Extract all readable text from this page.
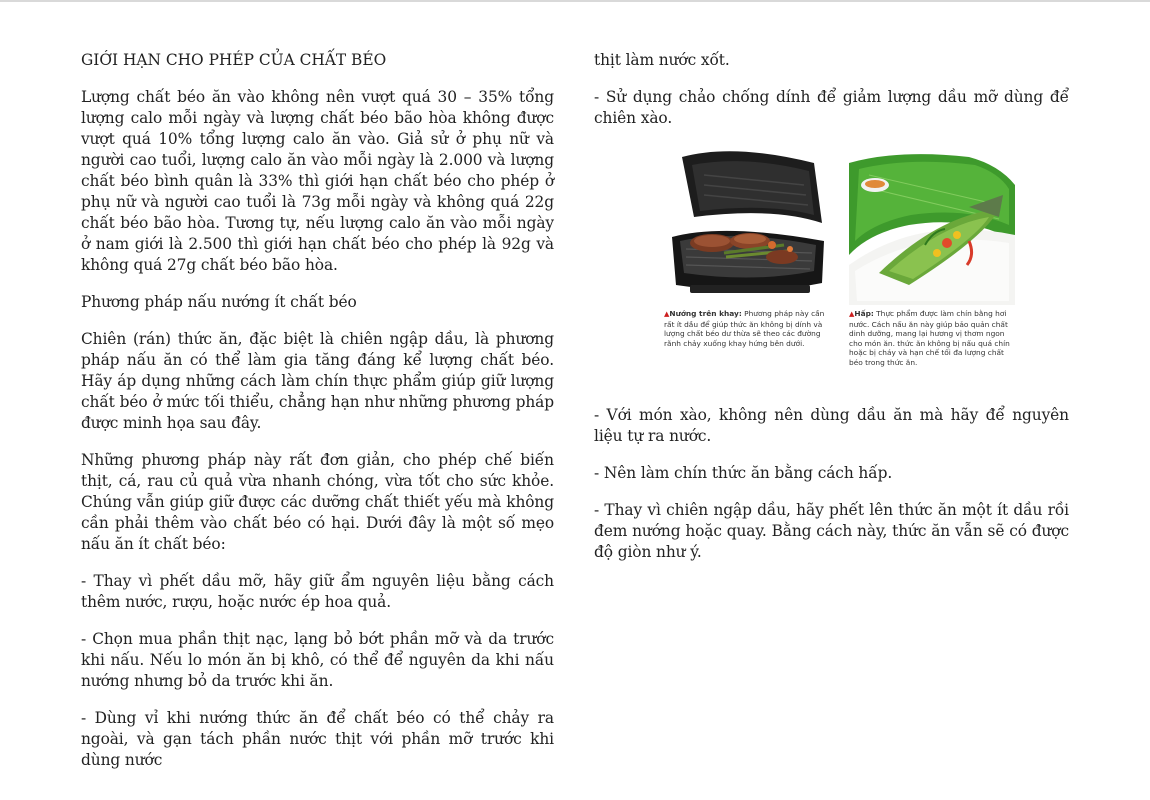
GIỚI HẠN CHO PHÉP CỦA CHẤT BÉO

Lượng chất béo ăn vào không nên vượt quá 30 – 35% tổng lượng calo mỗi ngày và lượng chất béo bão hòa không được vượt quá 10% tổng lượng calo ăn vào. Giả sử ở phụ nữ và người cao tuổi, lượng calo ăn vào mỗi ngày là 2.000 và lượng chất béo bình quân là 33% thì giới hạn chất béo cho phép ở phụ nữ và người cao tuổi là 73g mỗi ngày và không quá 22g chất béo bão hòa. Tương tự, nếu lượng calo ăn vào mỗi ngày ở nam giới là 2.500 thì giới hạn chất béo cho phép là 92g và không quá 27g chất béo bão hòa.

Phương pháp nấu nướng ít chất béo

Chiên (rán) thức ăn, đặc biệt là chiên ngập dầu, là phương pháp nấu ăn có thể làm gia tăng đáng kể lượng chất béo. Hãy áp dụng những cách làm chín thực phẩm giúp giữ lượng chất béo ở mức tối thiểu, chẳng hạn như những phương pháp được minh họa sau đây.

Những phương pháp này rất đơn giản, cho phép chế biến thịt, cá, rau củ quả vừa nhanh chóng, vừa tốt cho sức khỏe. Chúng vẫn giúp giữ được các dưỡng chất thiết yếu mà không cần phải thêm vào chất béo có hại. Dưới đây là một số mẹo nấu ăn ít chất béo:

- Thay vì phết dầu mỡ, hãy giữ ẩm nguyên liệu bằng cách thêm nước, rượu, hoặc nước ép hoa quả.

- Chọn mua phần thịt nạc, lạng bỏ bớt phần mỡ và da trước khi nấu. Nếu lo món ăn bị khô, có thể để nguyên da khi nấu nướng nhưng bỏ da trước khi ăn.

- Dùng vỉ khi nướng thức ăn để chất béo có thể chảy ra ngoài, và gạn tách phần nước thịt với phần mỡ trước khi dùng nước

thịt làm nước xốt.

- Sử dụng chảo chống dính để giảm lượng dầu mỡ dùng để chiên xào.

▲Nướng trên khay: Phương pháp này cần rất ít dầu để giúp thức ăn không bị dính và lượng chất béo dư thừa sẽ theo các đường rãnh chảy xuống khay hứng bên dưới.
▲Hấp: Thực phẩm được làm chín bằng hơi nước. Cách nấu ăn này giúp bảo quản chất dinh dưỡng, mang lại hương vị thơm ngon cho món ăn. thức ăn không bị nấu quá chín hoặc bị cháy và hạn chế tối đa lượng chất béo trong thức ăn.

- Với món xào, không nên dùng dầu ăn mà hãy để nguyên liệu tự ra nước.

- Nên làm chín thức ăn bằng cách hấp.

- Thay vì chiên ngập dầu, hãy phết lên thức ăn một ít dầu rồi đem nướng hoặc quay. Bằng cách này, thức ăn vẫn sẽ có được độ giòn như ý.
